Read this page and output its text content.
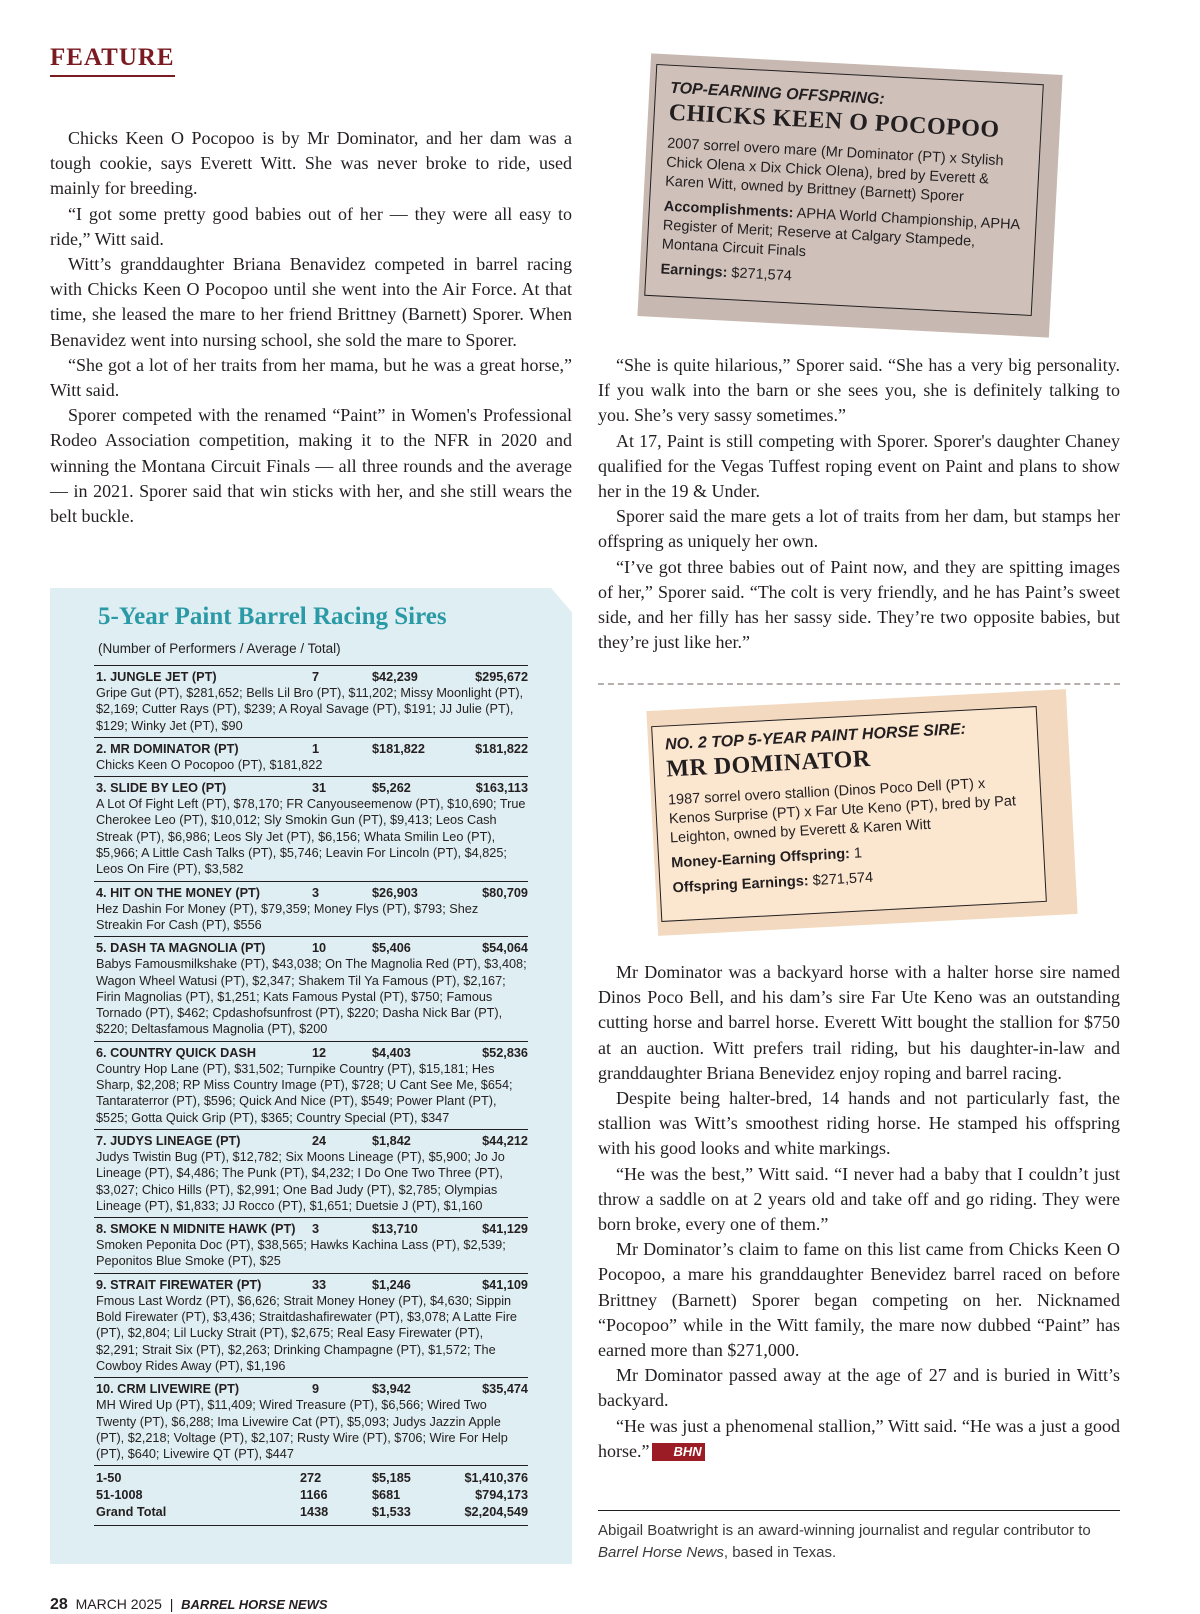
FEATURE

Chicks Keen O Pocopoo is by Mr Dominator, and her dam was a tough cookie, says Everett Witt. She was never broke to ride, used mainly for breeding.

“I got some pretty good babies out of her — they were all easy to ride,” Witt said.

Witt’s granddaughter Briana Benavidez competed in barrel racing with Chicks Keen O Pocopoo until she went into the Air Force. At that time, she leased the mare to her friend Brittney (Barnett) Sporer. When Benavidez went into nursing school, she sold the mare to Sporer.

“She got a lot of her traits from her mama, but he was a great horse,” Witt said.

Sporer competed with the renamed “Paint” in Women's Professional Rodeo Association competition, making it to the NFR in 2020 and winning the Montana Circuit Finals — all three rounds and the average — in 2021. Sporer said that win sticks with her, and she still wears the belt buckle.

TOP-EARNING OFFSPRING:
CHICKS KEEN O POCOPOO
2007 sorrel overo mare (Mr Dominator (PT) x Stylish Chick Olena x Dix Chick Olena), bred by Everett & Karen Witt, owned by Brittney (Barnett) Sporer
Accomplishments: APHA World Championship, APHA Register of Merit; Reserve at Calgary Stampede, Montana Circuit Finals
Earnings: $271,574

“She is quite hilarious,” Sporer said. “She has a very big personality. If you walk into the barn or she sees you, she is definitely talking to you. She’s very sassy sometimes.”

At 17, Paint is still competing with Sporer. Sporer's daughter Chaney qualified for the Vegas Tuffest roping event on Paint and plans to show her in the 19 & Under.

Sporer said the mare gets a lot of traits from her dam, but stamps her offspring as uniquely her own.

“I’ve got three babies out of Paint now, and they are spitting images of her,” Sporer said. “The colt is very friendly, and he has Paint’s sweet side, and her filly has her sassy side. They’re two opposite babies, but they’re just like her.”

NO. 2 TOP 5-YEAR PAINT HORSE SIRE:
MR DOMINATOR
1987 sorrel overo stallion (Dinos Poco Dell (PT) x Kenos Surprise (PT) x Far Ute Keno (PT), bred by Pat Leighton, owned by Everett & Karen Witt
Money-Earning Offspring: 1
Offspring Earnings: $271,574

Mr Dominator was a backyard horse with a halter horse sire named Dinos Poco Bell, and his dam’s sire Far Ute Keno was an outstanding cutting horse and barrel horse. Everett Witt bought the stallion for $750 at an auction. Witt prefers trail riding, but his daughter-in-law and granddaughter Briana Benevidez enjoy roping and barrel racing.

Despite being halter-bred, 14 hands and not particularly fast, the stallion was Witt’s smoothest riding horse. He stamped his offspring with his good looks and white markings.

“He was the best,” Witt said. “I never had a baby that I couldn’t just throw a saddle on at 2 years old and take off and go riding. They were born broke, every one of them.”

Mr Dominator’s claim to fame on this list came from Chicks Keen O Pocopoo, a mare his granddaughter Benevidez barrel raced on before Brittney (Barnett) Sporer began competing on her. Nicknamed “Pocopoo” while in the Witt family, the mare now dubbed “Paint” has earned more than $271,000.

Mr Dominator passed away at the age of 27 and is buried in Witt’s backyard.

“He was just a phenomenal stallion,” Witt said. “He was a just a good horse.” BHN

5-Year Paint Barrel Racing Sires
(Number of Performers / Average / Total)
1. JUNGLE JET (PT)	7	$42,239	$295,672
Gripe Gut (PT), $281,652; Bells Lil Bro (PT), $11,202; Missy Moonlight (PT), $2,169; Cutter Rays (PT), $239; A Royal Savage (PT), $191; JJ Julie (PT), $129; Winky Jet (PT), $90
2. MR DOMINATOR (PT)	1	$181,822	$181,822
Chicks Keen O Pocopoo (PT), $181,822
3. SLIDE BY LEO (PT)	31	$5,262	$163,113
A Lot Of Fight Left (PT), $78,170; FR Canyouseemenow (PT), $10,690; True Cherokee Leo (PT), $10,012; Sly Smokin Gun (PT), $9,413; Leos Cash Streak (PT), $6,986; Leos Sly Jet (PT), $6,156; Whata Smilin Leo (PT), $5,966; A Little Cash Talks (PT), $5,746; Leavin For Lincoln (PT), $4,825; Leos On Fire (PT), $3,582
4. HIT ON THE MONEY (PT)	3	$26,903	$80,709
Hez Dashin For Money (PT), $79,359; Money Flys (PT), $793; Shez Streakin For Cash (PT), $556
5. DASH TA MAGNOLIA (PT)	10	$5,406	$54,064
Babys Famousmilkshake (PT), $43,038; On The Magnolia Red (PT), $3,408; Wagon Wheel Watusi (PT), $2,347; Shakem Til Ya Famous (PT), $2,167; Firin Magnolias (PT), $1,251; Kats Famous Pystal (PT), $750; Famous Tornado (PT), $462; Cpdashofsunfrost (PT), $220; Dasha Nick Bar (PT), $220; Deltasfamous Magnolia (PT), $200
6. COUNTRY QUICK DASH	12	$4,403	$52,836
Country Hop Lane (PT), $31,502; Turnpike Country (PT), $15,181; Hes Sharp, $2,208; RP Miss Country Image (PT), $728; U Cant See Me, $654; Tantaraterror (PT), $596; Quick And Nice (PT), $549; Power Plant (PT), $525; Gotta Quick Grip (PT), $365; Country Special (PT), $347
7. JUDYS LINEAGE (PT)	24	$1,842	$44,212
Judys Twistin Bug (PT), $12,782; Six Moons Lineage (PT), $5,900; Jo Jo Lineage (PT), $4,486; The Punk (PT), $4,232; I Do One Two Three (PT), $3,027; Chico Hills (PT), $2,991; One Bad Judy (PT), $2,785; Olympias Lineage (PT), $1,833; JJ Rocco (PT), $1,651; Duetsie J (PT), $1,160
8. SMOKE N MIDNITE HAWK (PT) 3	$13,710	$41,129
Smoken Peponita Doc (PT), $38,565; Hawks Kachina Lass (PT), $2,539; Peponitos Blue Smoke (PT), $25
9. STRAIT FIREWATER (PT)	33	$1,246	$41,109
Fmous Last Wordz (PT), $6,626; Strait Money Honey (PT), $4,630; Sippin Bold Firewater (PT), $3,436; Straitdashafirewater (PT), $3,078; A Latte Fire (PT), $2,804; Lil Lucky Strait (PT), $2,675; Real Easy Firewater (PT), $2,291; Strait Six (PT), $2,263; Drinking Champagne (PT), $1,572; The Cowboy Rides Away (PT), $1,196
10. CRM LIVEWIRE (PT)	9	$3,942	$35,474
MH Wired Up (PT), $11,409; Wired Treasure (PT), $6,566; Wired Two Twenty (PT), $6,288; Ima Livewire Cat (PT), $5,093; Judys Jazzin Apple (PT), $2,218; Voltage (PT), $2,107; Rusty Wire (PT), $706; Wire For Help (PT), $640; Livewire QT (PT), $447
1-50	272	$5,185	$1,410,376
51-1008	1166	$681	$794,173
Grand Total	1438	$1,533	$2,204,549
Abigail Boatwright is an award-winning journalist and regular contributor to Barrel Horse News, based in Texas.
28 MARCH 2025 | BARREL HORSE NEWS
